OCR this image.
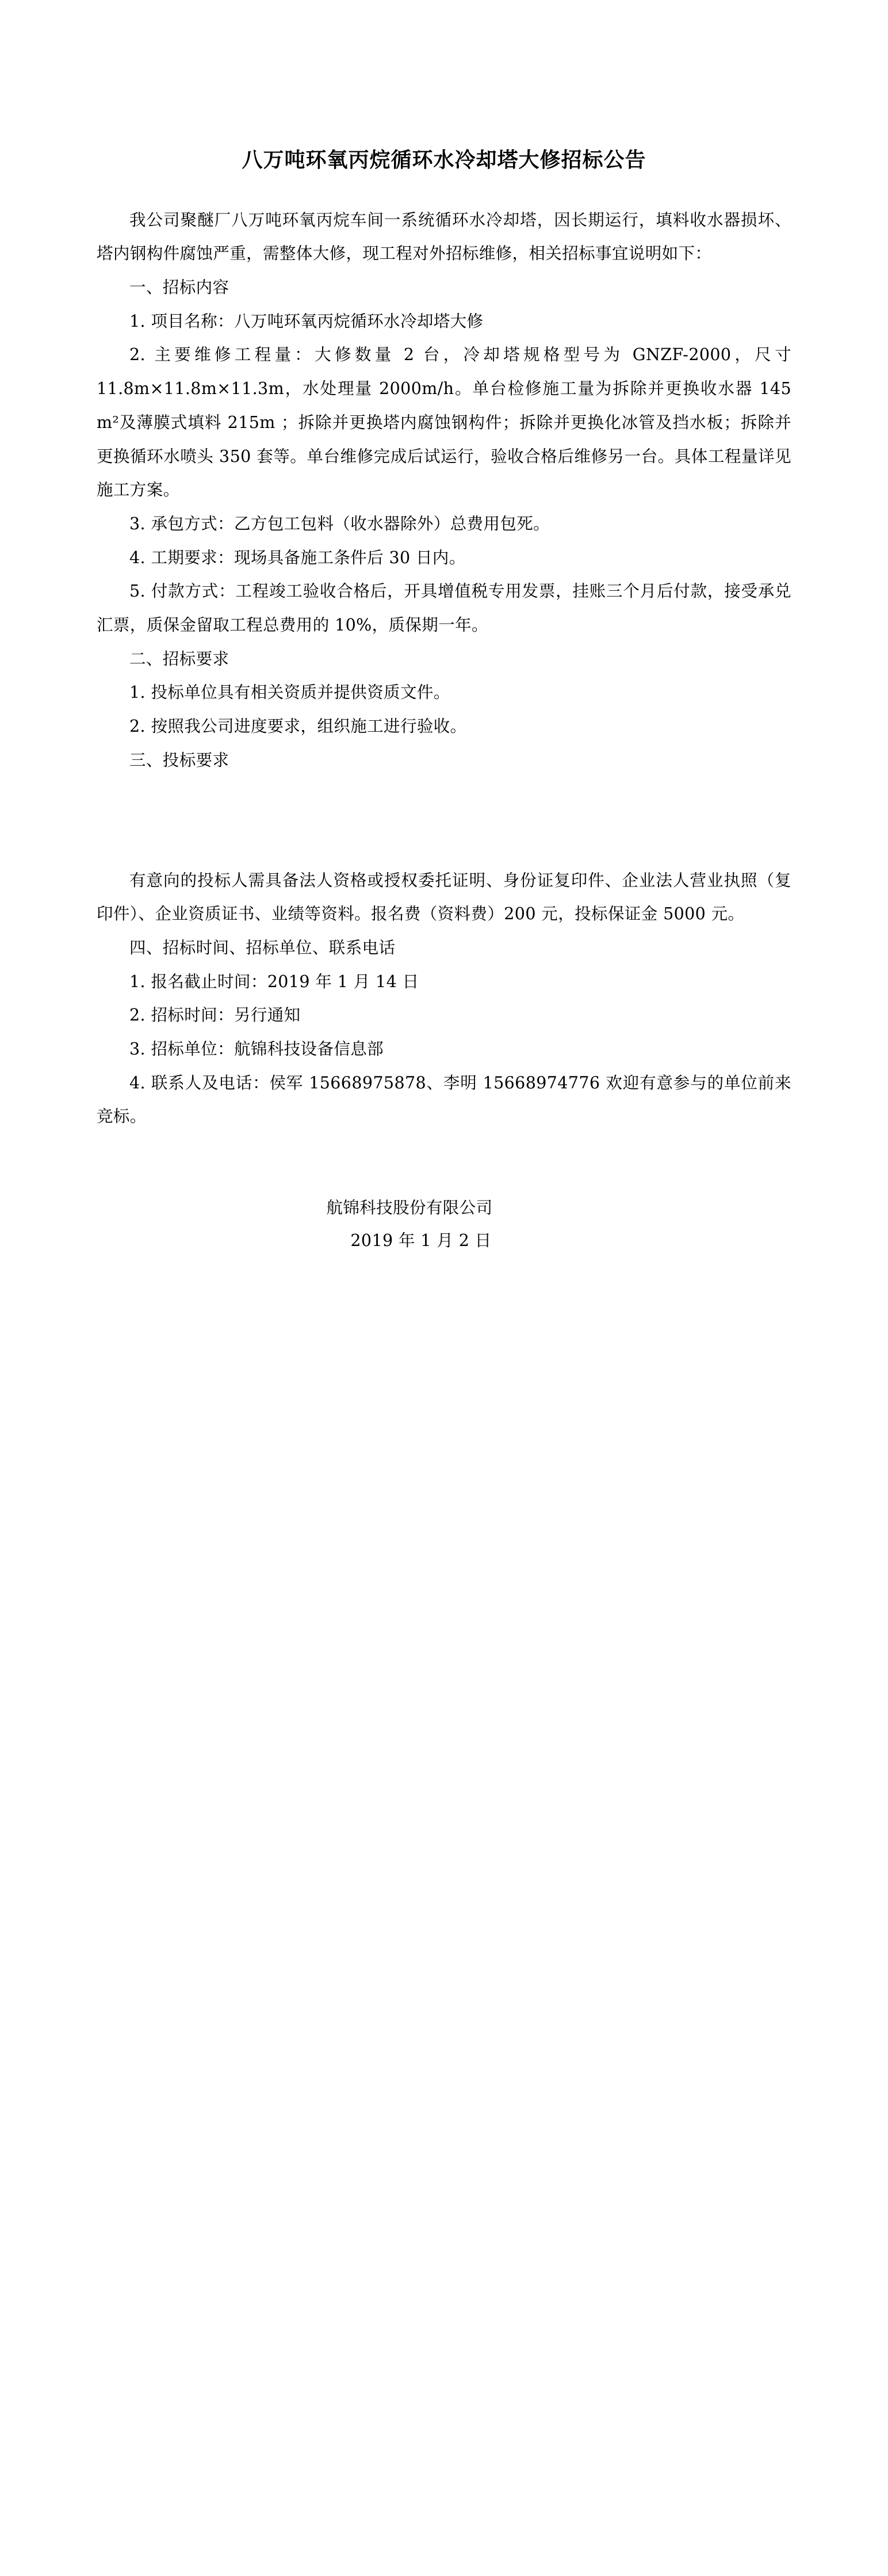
八万吨环氧丙烷循环水冷却塔大修招标公告

我公司聚醚厂八万吨环氧丙烷车间一系统循环水冷却塔，因长期运行，填料收水器损坏、塔内钢构件腐蚀严重，需整体大修，现工程对外招标维修，相关招标事宜说明如下：

一、招标内容

1. 项目名称：八万吨环氧丙烷循环水冷却塔大修

2. 主要维修工程量：大修数量 2 台，冷却塔规格型号为 GNZF-2000，尺寸 11.8m×11.8m×11.3m，水处理量 2000m/h。单台检修施工量为拆除并更换收水器 145 m²及薄膜式填料 215m ；拆除并更换塔内腐蚀钢构件；拆除并更换化冰管及挡水板；拆除并更换循环水喷头 350 套等。单台维修完成后试运行，验收合格后维修另一台。具体工程量详见施工方案。

3. 承包方式：乙方包工包料（收水器除外）总费用包死。

4. 工期要求：现场具备施工条件后 30 日内。

5. 付款方式：工程竣工验收合格后，开具增值税专用发票，挂账三个月后付款，接受承兑汇票，质保金留取工程总费用的 10%，质保期一年。

二、招标要求

1. 投标单位具有相关资质并提供资质文件。

2. 按照我公司进度要求，组织施工进行验收。

三、投标要求

有意向的投标人需具备法人资格或授权委托证明、身份证复印件、企业法人营业执照（复印件）、企业资质证书、业绩等资料。报名费（资料费）200 元，投标保证金 5000 元。

四、招标时间、招标单位、联系电话

1. 报名截止时间：2019 年 1 月 14 日

2. 招标时间：另行通知

3. 招标单位：航锦科技设备信息部

4. 联系人及电话：侯军 15668975878、李明 15668974776 欢迎有意参与的单位前来竞标。

航锦科技股份有限公司

2019 年 1 月 2 日
